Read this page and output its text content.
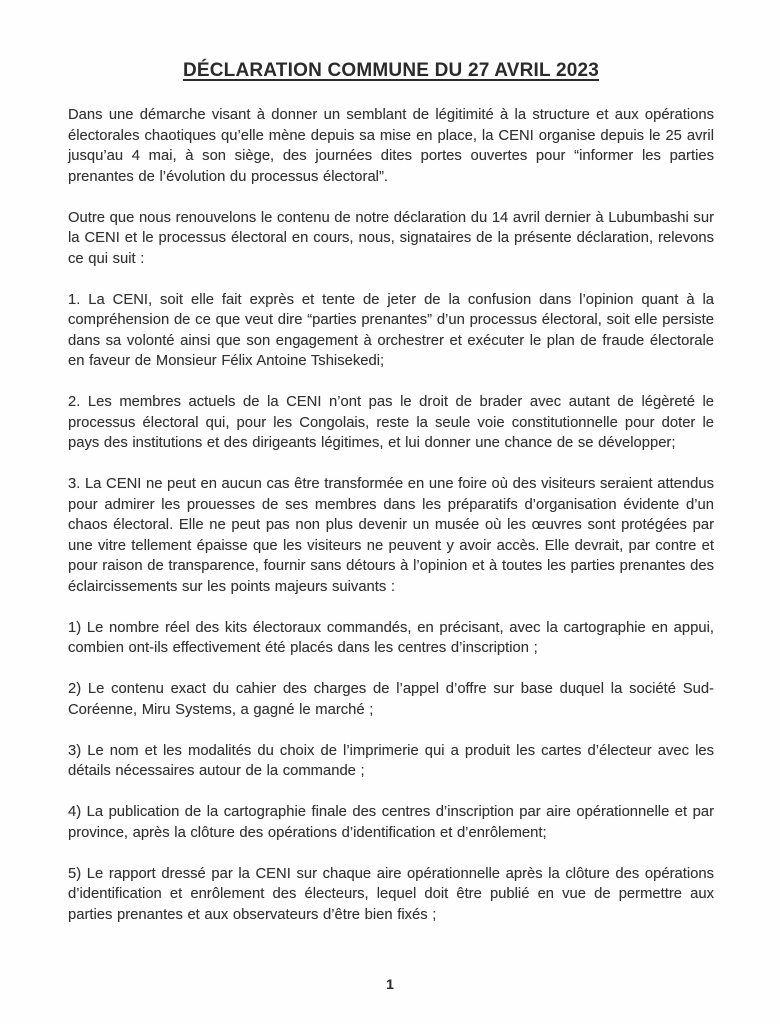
DÉCLARATION COMMUNE DU 27 AVRIL 2023

Dans une démarche visant à donner un semblant de légitimité à la structure et aux opérations électorales chaotiques qu’elle mène depuis sa mise en place, la CENI organise depuis le 25 avril jusqu’au 4 mai, à son siège, des journées dites portes ouvertes pour “informer les parties prenantes de l’évolution du processus électoral”.

Outre que nous renouvelons le contenu de notre déclaration du 14 avril dernier à Lubumbashi sur la CENI et le processus électoral en cours, nous, signataires de la présente déclaration, relevons ce qui suit :

1. La CENI, soit elle fait exprès et tente de jeter de la confusion dans l’opinion quant à la compréhension de ce que veut dire “parties prenantes” d’un processus électoral, soit elle persiste dans sa volonté ainsi que son engagement à orchestrer et exécuter le plan de fraude électorale en faveur de Monsieur Félix Antoine Tshisekedi;

2. Les membres actuels de la CENI n’ont pas le droit de brader avec autant de légèreté le processus électoral qui, pour les Congolais, reste la seule voie constitutionnelle pour doter le pays des institutions et des dirigeants légitimes, et lui donner une chance de se développer;

3. La CENI ne peut en aucun cas être transformée en une foire où des visiteurs seraient attendus pour admirer les prouesses de ses membres dans les préparatifs d’organisation évidente d’un chaos électoral. Elle ne peut pas non plus devenir un musée où les œuvres sont protégées par une vitre tellement épaisse que les visiteurs ne peuvent y avoir accès. Elle devrait, par contre et pour raison de transparence, fournir sans détours à l’opinion et à toutes les parties prenantes des éclaircissements sur les points majeurs suivants :

1) Le nombre réel des kits électoraux commandés, en précisant, avec la cartographie en appui, combien ont-ils effectivement été placés dans les centres d’inscription ;

2) Le contenu exact du cahier des charges de l’appel d’offre sur base duquel la société Sud-Coréenne, Miru Systems, a gagné le marché ;

3) Le nom et les modalités du choix de l’imprimerie qui a produit les cartes d’électeur avec les détails nécessaires autour de la commande ;

4) La publication de la cartographie finale des centres d’inscription par aire opérationnelle et par province, après la clôture des opérations d’identification et d’enrôlement;

5) Le rapport dressé par la CENI sur chaque aire opérationnelle après la clôture des opérations d’identification et enrôlement des électeurs, lequel doit être publié en vue de permettre aux parties prenantes et aux observateurs d’être bien fixés ;

1
